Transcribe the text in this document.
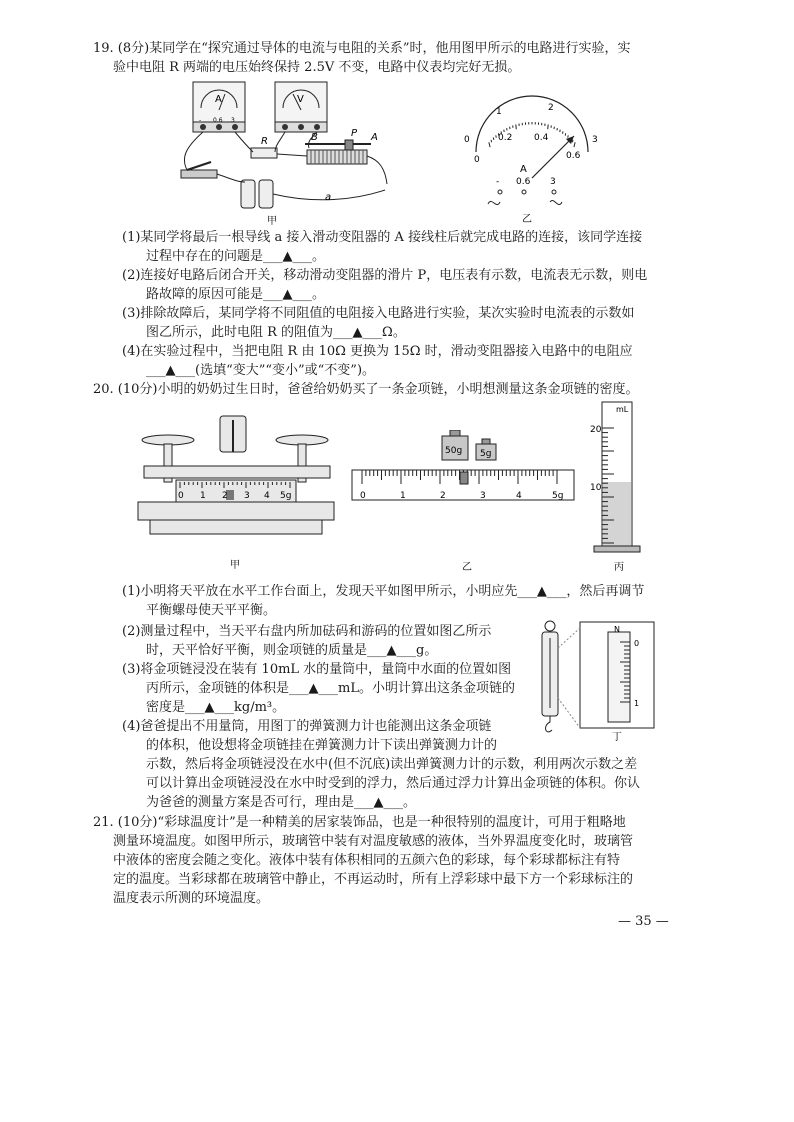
19. (8分)某同学在“探究通过导体的电流与电阻的关系”时，他用图甲所示的电路进行实验，实
验中电阻 R 两端的电压始终保持 2.5V 不变，电路中仪表均完好无损。
A
- 0.6 3
V
R	B	P A
a
甲
0
1	2
3
0
0.2 0.4
0.6
A
- 0.6 3
乙
(1)某同学将最后一根导线 a 接入滑动变阻器的 A 接线柱后就完成电路的连接，该同学连接
过程中存在的问题是___▲___。
(2)连接好电路后闭合开关，移动滑动变阻器的滑片 P，电压表有示数，电流表无示数，则电
路故障的原因可能是___▲___。
(3)排除故障后，某同学将不同阻值的电阻接入电路进行实验，某次实验时电流表的示数如
图乙所示，此时电阻 R 的阻值为___▲___Ω。
(4)在实验过程中，当把电阻 R 由 10Ω 更换为 15Ω 时，滑动变阻器接入电路中的电阻应
___▲___(选填“变大”“变小”或“不变”)。
20. (10分)小明的奶奶过生日时，爸爸给奶奶买了一条金项链，小明想测量这条金项链的密度。
0 1 2 3 4 5g
甲
50g 5g
0	1	2	3	4	5g
乙
mL
20
10
丙
N
0
1
丁
(1)小明将天平放在水平工作台面上，发现天平如图甲所示，小明应先___▲___，然后再调节
平衡螺母使天平平衡。
(2)测量过程中，当天平右盘内所加砝码和游码的位置如图乙所示
时，天平恰好平衡，则金项链的质量是___▲___g。
(3)将金项链浸没在装有 10mL 水的量筒中，量筒中水面的位置如图
丙所示，金项链的体积是___▲___mL。小明计算出这条金项链的
密度是___▲___kg/m³。
(4)爸爸提出不用量筒，用图丁的弹簧测力计也能测出这条金项链
的体积，他设想将金项链挂在弹簧测力计下读出弹簧测力计的
示数，然后将金项链浸没在水中(但不沉底)读出弹簧测力计的示数，利用两次示数之差
可以计算出金项链浸没在水中时受到的浮力，然后通过浮力计算出金项链的体积。你认
为爸爸的测量方案是否可行，理由是___▲___。
21. (10分)“彩球温度计”是一种精美的居家装饰品，也是一种很特别的温度计，可用于粗略地
测量环境温度。如图甲所示，玻璃管中装有对温度敏感的液体，当外界温度变化时，玻璃管
中液体的密度会随之变化。液体中装有体积相同的五颜六色的彩球，每个彩球都标注有特
定的温度。当彩球都在玻璃管中静止，不再运动时，所有上浮彩球中最下方一个彩球标注的
温度表示所测的环境温度。
— 35 —
